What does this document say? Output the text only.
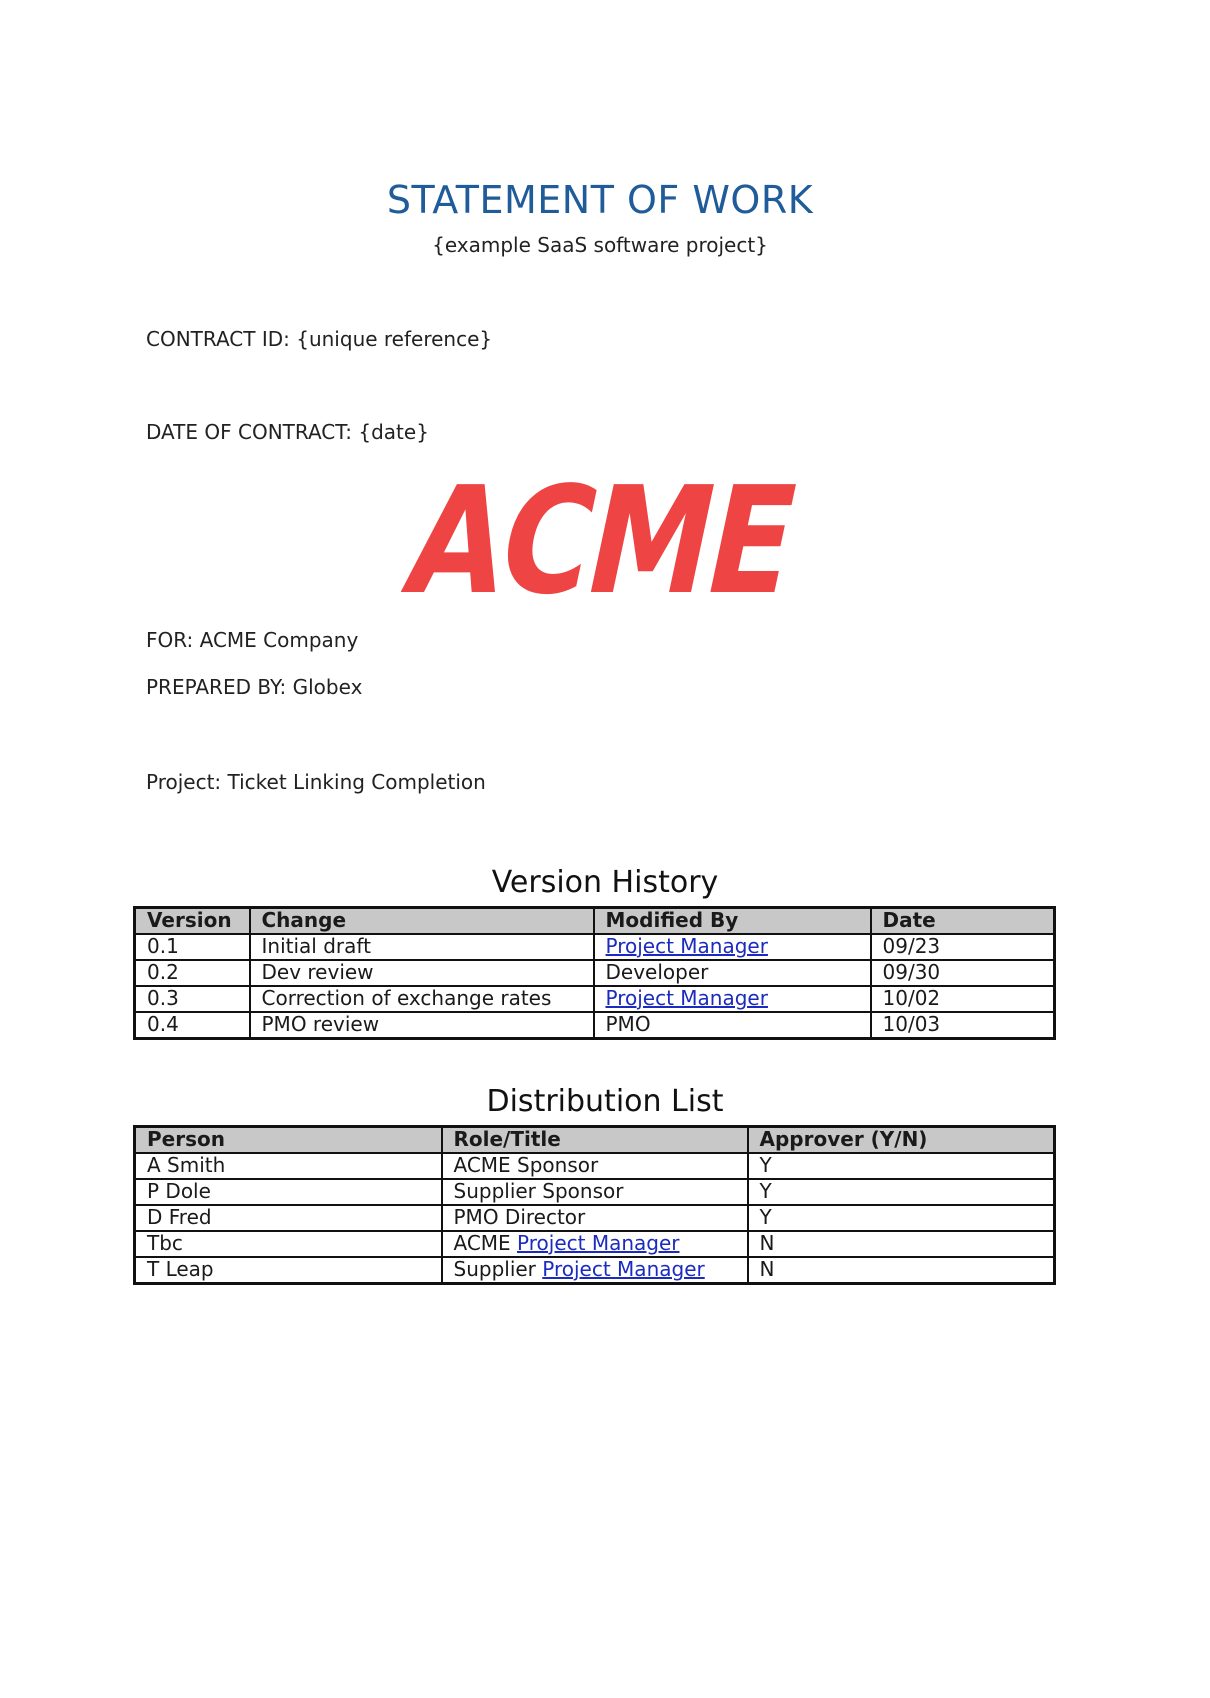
STATEMENT OF WORK
{example SaaS software project}
CONTRACT ID: {unique reference}
DATE OF CONTRACT: {date}
ACME
FOR: ACME Company
PREPARED BY: Globex
Project: Ticket Linking Completion
Version History
Version	Change	Modified By	Date
0.1	Initial draft	Project Manager	09/23
0.2	Dev review	Developer	09/30
0.3	Correction of exchange rates	Project Manager	10/02
0.4	PMO review	PMO	10/03
Distribution List
Person	Role/Title	Approver (Y/N)
A Smith	ACME Sponsor	Y
P Dole	Supplier Sponsor	Y
D Fred	PMO Director	Y
Tbc	ACME Project Manager	N
T Leap	Supplier Project Manager	N
